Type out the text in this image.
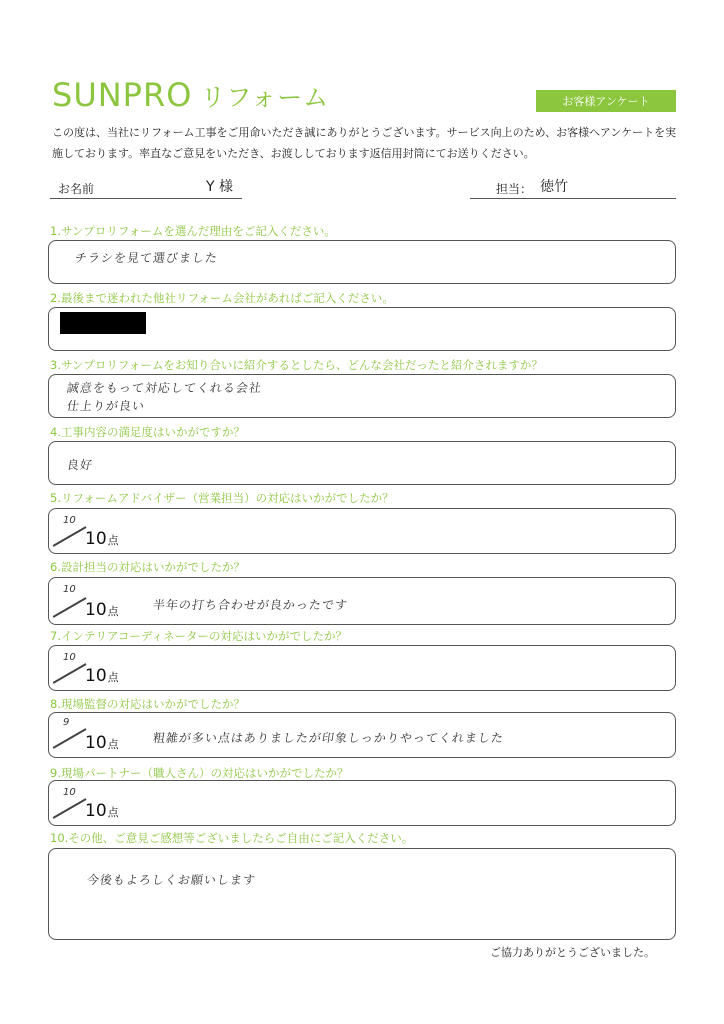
SUNPRO リフォーム	お客様アンケート
この度は、当社にリフォーム工事をご用命いただき誠にありがとうございます。サービス向上のため、お客様へアンケートを実施しております。率直なご意見をいただき、お渡ししております返信用封筒にてお送りください。
お名前	Y 様	担当： 徳竹
1.サンプロリフォームを選んだ理由をご記入ください。
チラシを見て選びました
2.最後まで迷われた他社リフォーム会社があればご記入ください。
3.サンプロリフォームをお知り合いに紹介するとしたら、どんな会社だったと紹介されますか？
誠意をもって対応してくれる会社
仕上りが良い
4.工事内容の満足度はいかがですか？
良好
5.リフォームアドバイザー（営業担当）の対応はいかがでしたか？
10
10点
6.設計担当の対応はいかがでしたか？
10
10点	半年の打ち合わせが良かったです
7.インテリアコーディネーターの対応はいかがでしたか？
10
10点
8.現場監督の対応はいかがでしたか？
9
10点	粗雑が多い点はありましたが印象しっかりやってくれました
9.現場パートナー（職人さん）の対応はいかがでしたか？
10
10点
10.その他、ご意見ご感想等ございましたらご自由にご記入ください。
今後もよろしくお願いします
ご協力ありがとうございました。
